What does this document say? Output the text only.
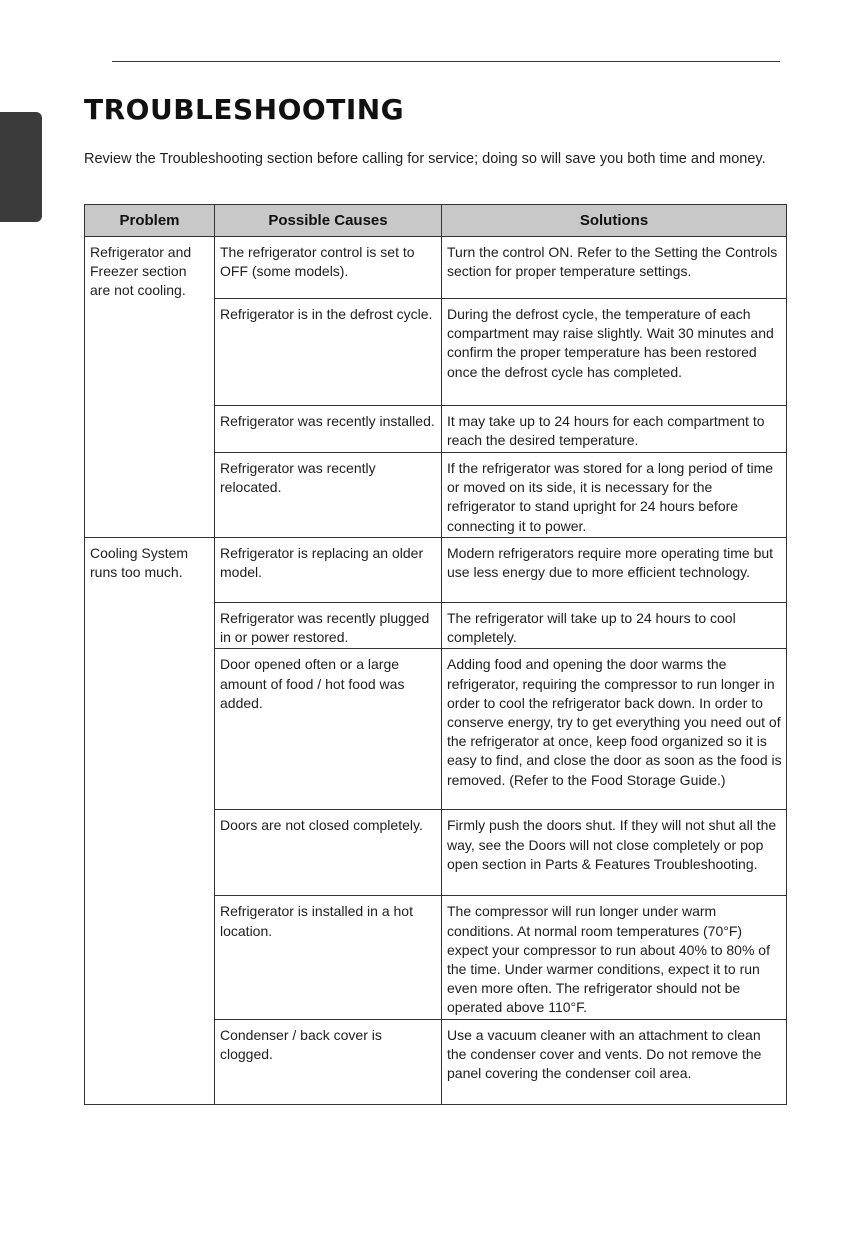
TROUBLESHOOTING

Review the Troubleshooting section before calling for service; doing so will save you both time and money.

Problem	Possible Causes	Solutions
Refrigerator and Freezer section are not cooling.	The refrigerator control is set to OFF (some models).	Turn the control ON. Refer to the Setting the Controls section for proper temperature settings.
	Refrigerator is in the defrost cycle.	During the defrost cycle, the temperature of each compartment may raise slightly. Wait 30 minutes and confirm the proper temperature has been restored once the defrost cycle has completed.
	Refrigerator was recently installed.	It may take up to 24 hours for each compartment to reach the desired temperature.
	Refrigerator was recently relocated.	If the refrigerator was stored for a long period of time or moved on its side, it is necessary for the refrigerator to stand upright for 24 hours before connecting it to power.
Cooling System runs too much.	Refrigerator is replacing an older model.	Modern refrigerators require more operating time but use less energy due to more efficient technology.
	Refrigerator was recently plugged in or power restored.	The refrigerator will take up to 24 hours to cool completely.
	Door opened often or a large amount of food / hot food was added.	Adding food and opening the door warms the refrigerator, requiring the compressor to run longer in order to cool the refrigerator back down. In order to conserve energy, try to get everything you need out of the refrigerator at once, keep food organized so it is easy to find, and close the door as soon as the food is removed. (Refer to the Food Storage Guide.)
	Doors are not closed completely.	Firmly push the doors shut. If they will not shut all the way, see the Doors will not close completely or pop open section in Parts & Features Troubleshooting.
	Refrigerator is installed in a hot location.	The compressor will run longer under warm conditions. At normal room temperatures (70°F) expect your compressor to run about 40% to 80% of the time. Under warmer conditions, expect it to run even more often. The refrigerator should not be operated above 110°F.
	Condenser / back cover is clogged.	Use a vacuum cleaner with an attachment to clean the condenser cover and vents. Do not remove the panel covering the condenser coil area.
